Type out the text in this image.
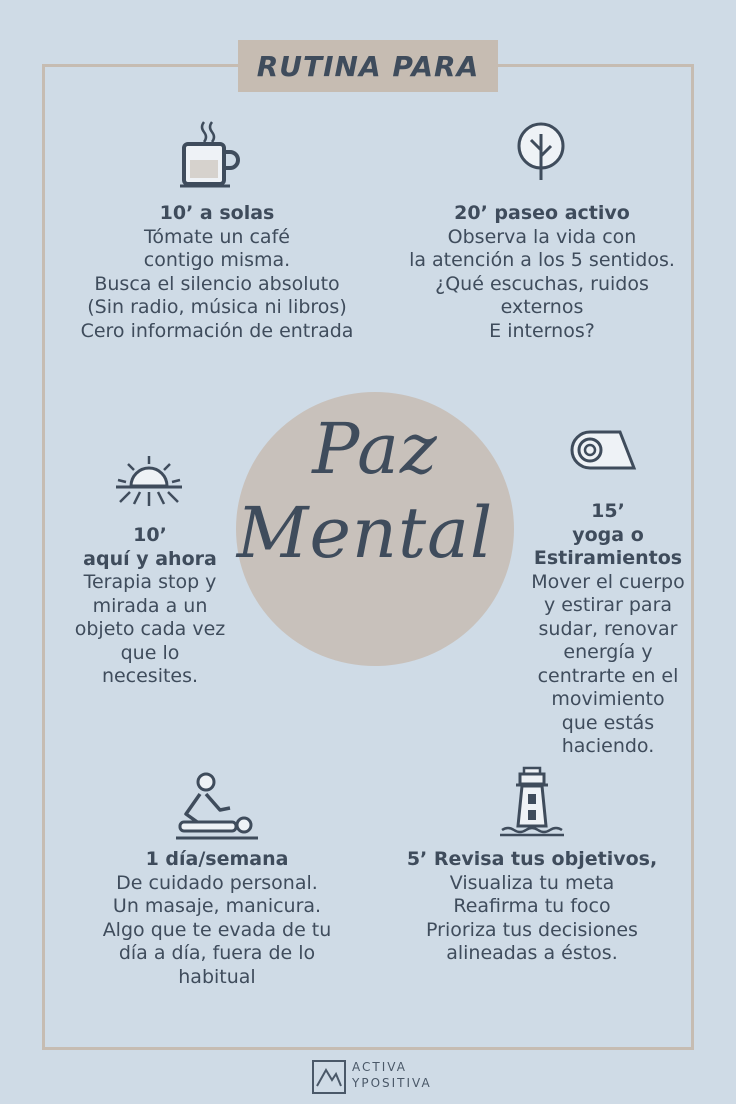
RUTINA PARA
10’ a solas
Tómate un café
contigo misma.
Busca el silencio absoluto
(Sin radio, música ni libros)
Cero información de entrada
20’ paseo activo
Observa la vida con
la atención a los 5 sentidos.
¿Qué escuchas, ruidos
externos
E internos?
Paz
Mental
10’
aquí y ahora
Terapia stop y
mirada a un
objeto cada vez
que lo
necesites.
15’
yoga o
Estiramientos
Mover el cuerpo
y estirar para
sudar, renovar
energía y
centrarte en el
movimiento
que estás
haciendo.
1 día/semana
De cuidado personal.
Un masaje, manicura.
Algo que te evada de tu
día a día, fuera de lo
habitual
5’ Revisa tus objetivos,
Visualiza tu meta
Reafirma tu foco
Prioriza tus decisiones
alineadas a éstos.
ACTIVA
YPOSITIVA
